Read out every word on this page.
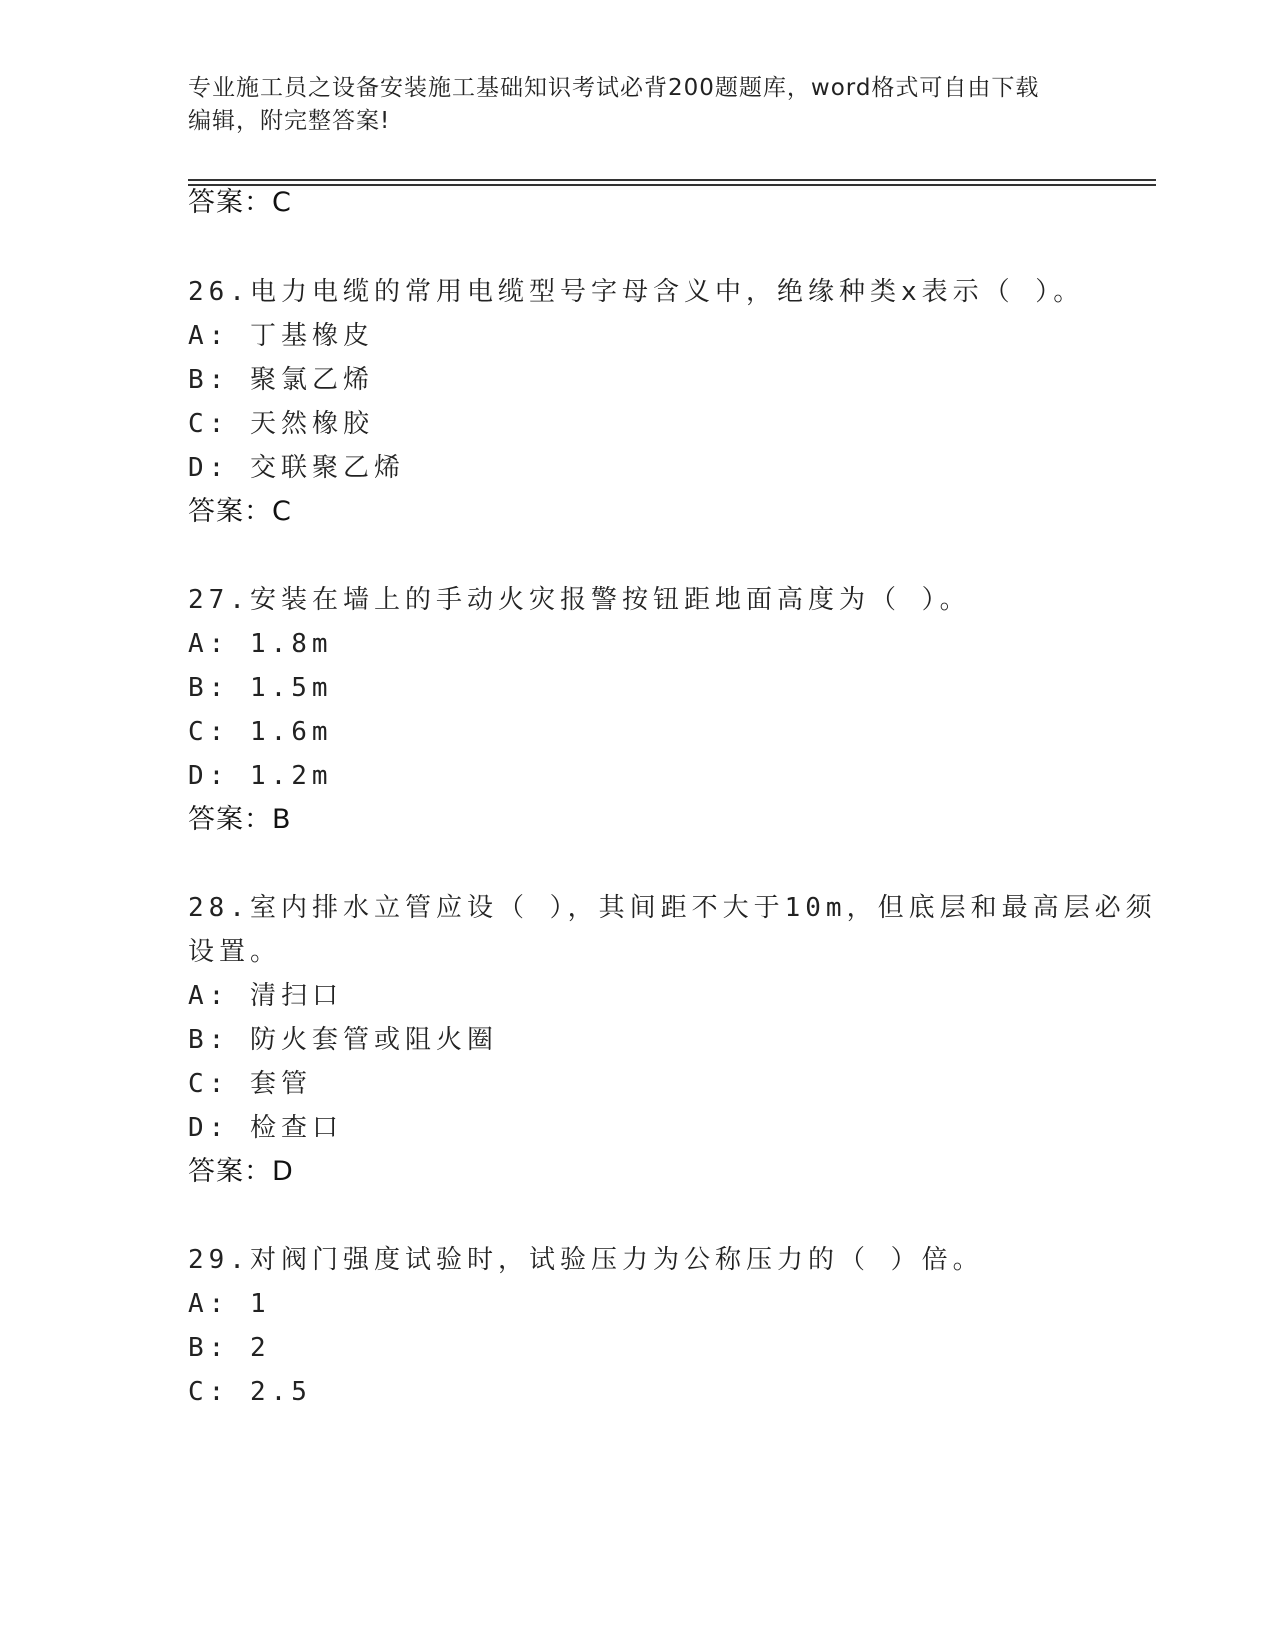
专业施工员之设备安装施工基础知识考试必背200题题库，word格式可自由下载
编辑，附完整答案!
答案：C
26.电力电缆的常用电缆型号字母含义中，绝缘种类x表示（ ）。
A: 丁基橡皮
B: 聚氯乙烯
C: 天然橡胶
D: 交联聚乙烯
答案：C
27.安装在墙上的手动火灾报警按钮距地面高度为（ ）。
A: 1.8m
B: 1.5m
C: 1.6m
D: 1.2m
答案：B
28.室内排水立管应设（ ），其间距不大于10m，但底层和最高层必须
设置。
A: 清扫口
B: 防火套管或阻火圈
C: 套管
D: 检查口
答案：D
29.对阀门强度试验时，试验压力为公称压力的（ ）倍。
A: 1
B: 2
C: 2.5
